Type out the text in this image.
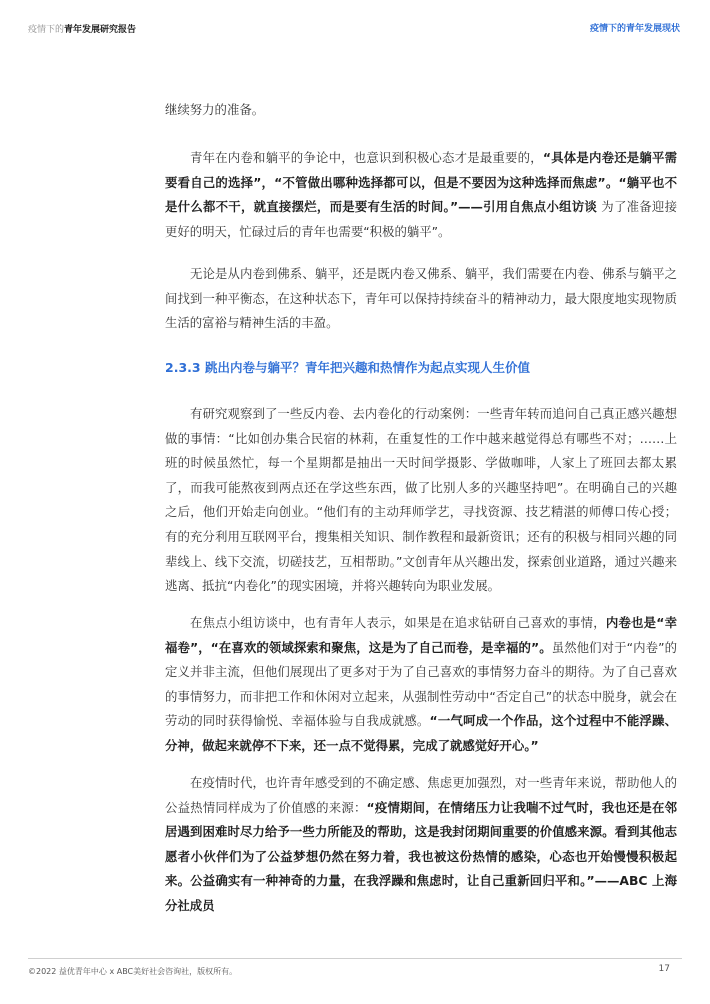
疫情下的青年发展研究报告	疫情下的青年发展现状
继续努力的准备。
青年在内卷和躺平的争论中，也意识到积极心态才是最重要的，“具体是内卷还是躺平需要看自己的选择”，“不管做出哪种选择都可以，但是不要因为这种选择而焦虑”。“躺平也不是什么都不干，就直接摆烂，而是要有生活的时间。”——引用自焦点小组访谈 为了准备迎接更好的明天，忙碌过后的青年也需要“积极的躺平”。
无论是从内卷到佛系、躺平，还是既内卷又佛系、躺平，我们需要在内卷、佛系与躺平之间找到一种平衡态，在这种状态下，青年可以保持持续奋斗的精神动力，最大限度地实现物质生活的富裕与精神生活的丰盈。
2.3.3 跳出内卷与躺平？青年把兴趣和热情作为起点实现人生价值
有研究观察到了一些反内卷、去内卷化的行动案例：一些青年转而追问自己真正感兴趣想做的事情：“比如创办集合民宿的林莉，在重复性的工作中越来越觉得总有哪些不对；……上班的时候虽然忙，每一个星期都是抽出一天时间学摄影、学做咖啡，人家上了班回去都太累了，而我可能熬夜到两点还在学这些东西，做了比别人多的兴趣坚持吧”。在明确自己的兴趣之后，他们开始走向创业。“他们有的主动拜师学艺，寻找资源、技艺精湛的师傅口传心授；有的充分利用互联网平台，搜集相关知识、制作教程和最新资讯；还有的积极与相同兴趣的同辈线上、线下交流，切磋技艺，互相帮助。”文创青年从兴趣出发，探索创业道路，通过兴趣来逃离、抵抗“内卷化”的现实困境，并将兴趣转向为职业发展。
在焦点小组访谈中，也有青年人表示，如果是在追求钻研自己喜欢的事情，内卷也是“幸福卷”，“在喜欢的领域探索和聚焦，这是为了自己而卷，是幸福的”。虽然他们对于“内卷”的定义并非主流，但他们展现出了更多对于为了自己喜欢的事情努力奋斗的期待。为了自己喜欢的事情努力，而非把工作和休闲对立起来，从强制性劳动中“否定自己”的状态中脱身，就会在劳动的同时获得愉悦、幸福体验与自我成就感。“一气呵成一个作品，这个过程中不能浮躁、分神，做起来就停不下来，还一点不觉得累，完成了就感觉好开心。”
在疫情时代，也许青年感受到的不确定感、焦虑更加强烈，对一些青年来说，帮助他人的公益热情同样成为了价值感的来源：“疫情期间，在情绪压力让我喘不过气时，我也还是在邻居遇到困难时尽力给予一些力所能及的帮助，这是我封闭期间重要的价值感来源。看到其他志愿者小伙伴们为了公益梦想仍然在努力着，我也被这份热情的感染，心态也开始慢慢积极起来。公益确实有一种神奇的力量，在我浮躁和焦虑时，让自己重新回归平和。”——ABC 上海分社成员
©2022 益优青年中心 x ABC美好社会咨询社，版权所有。	17
